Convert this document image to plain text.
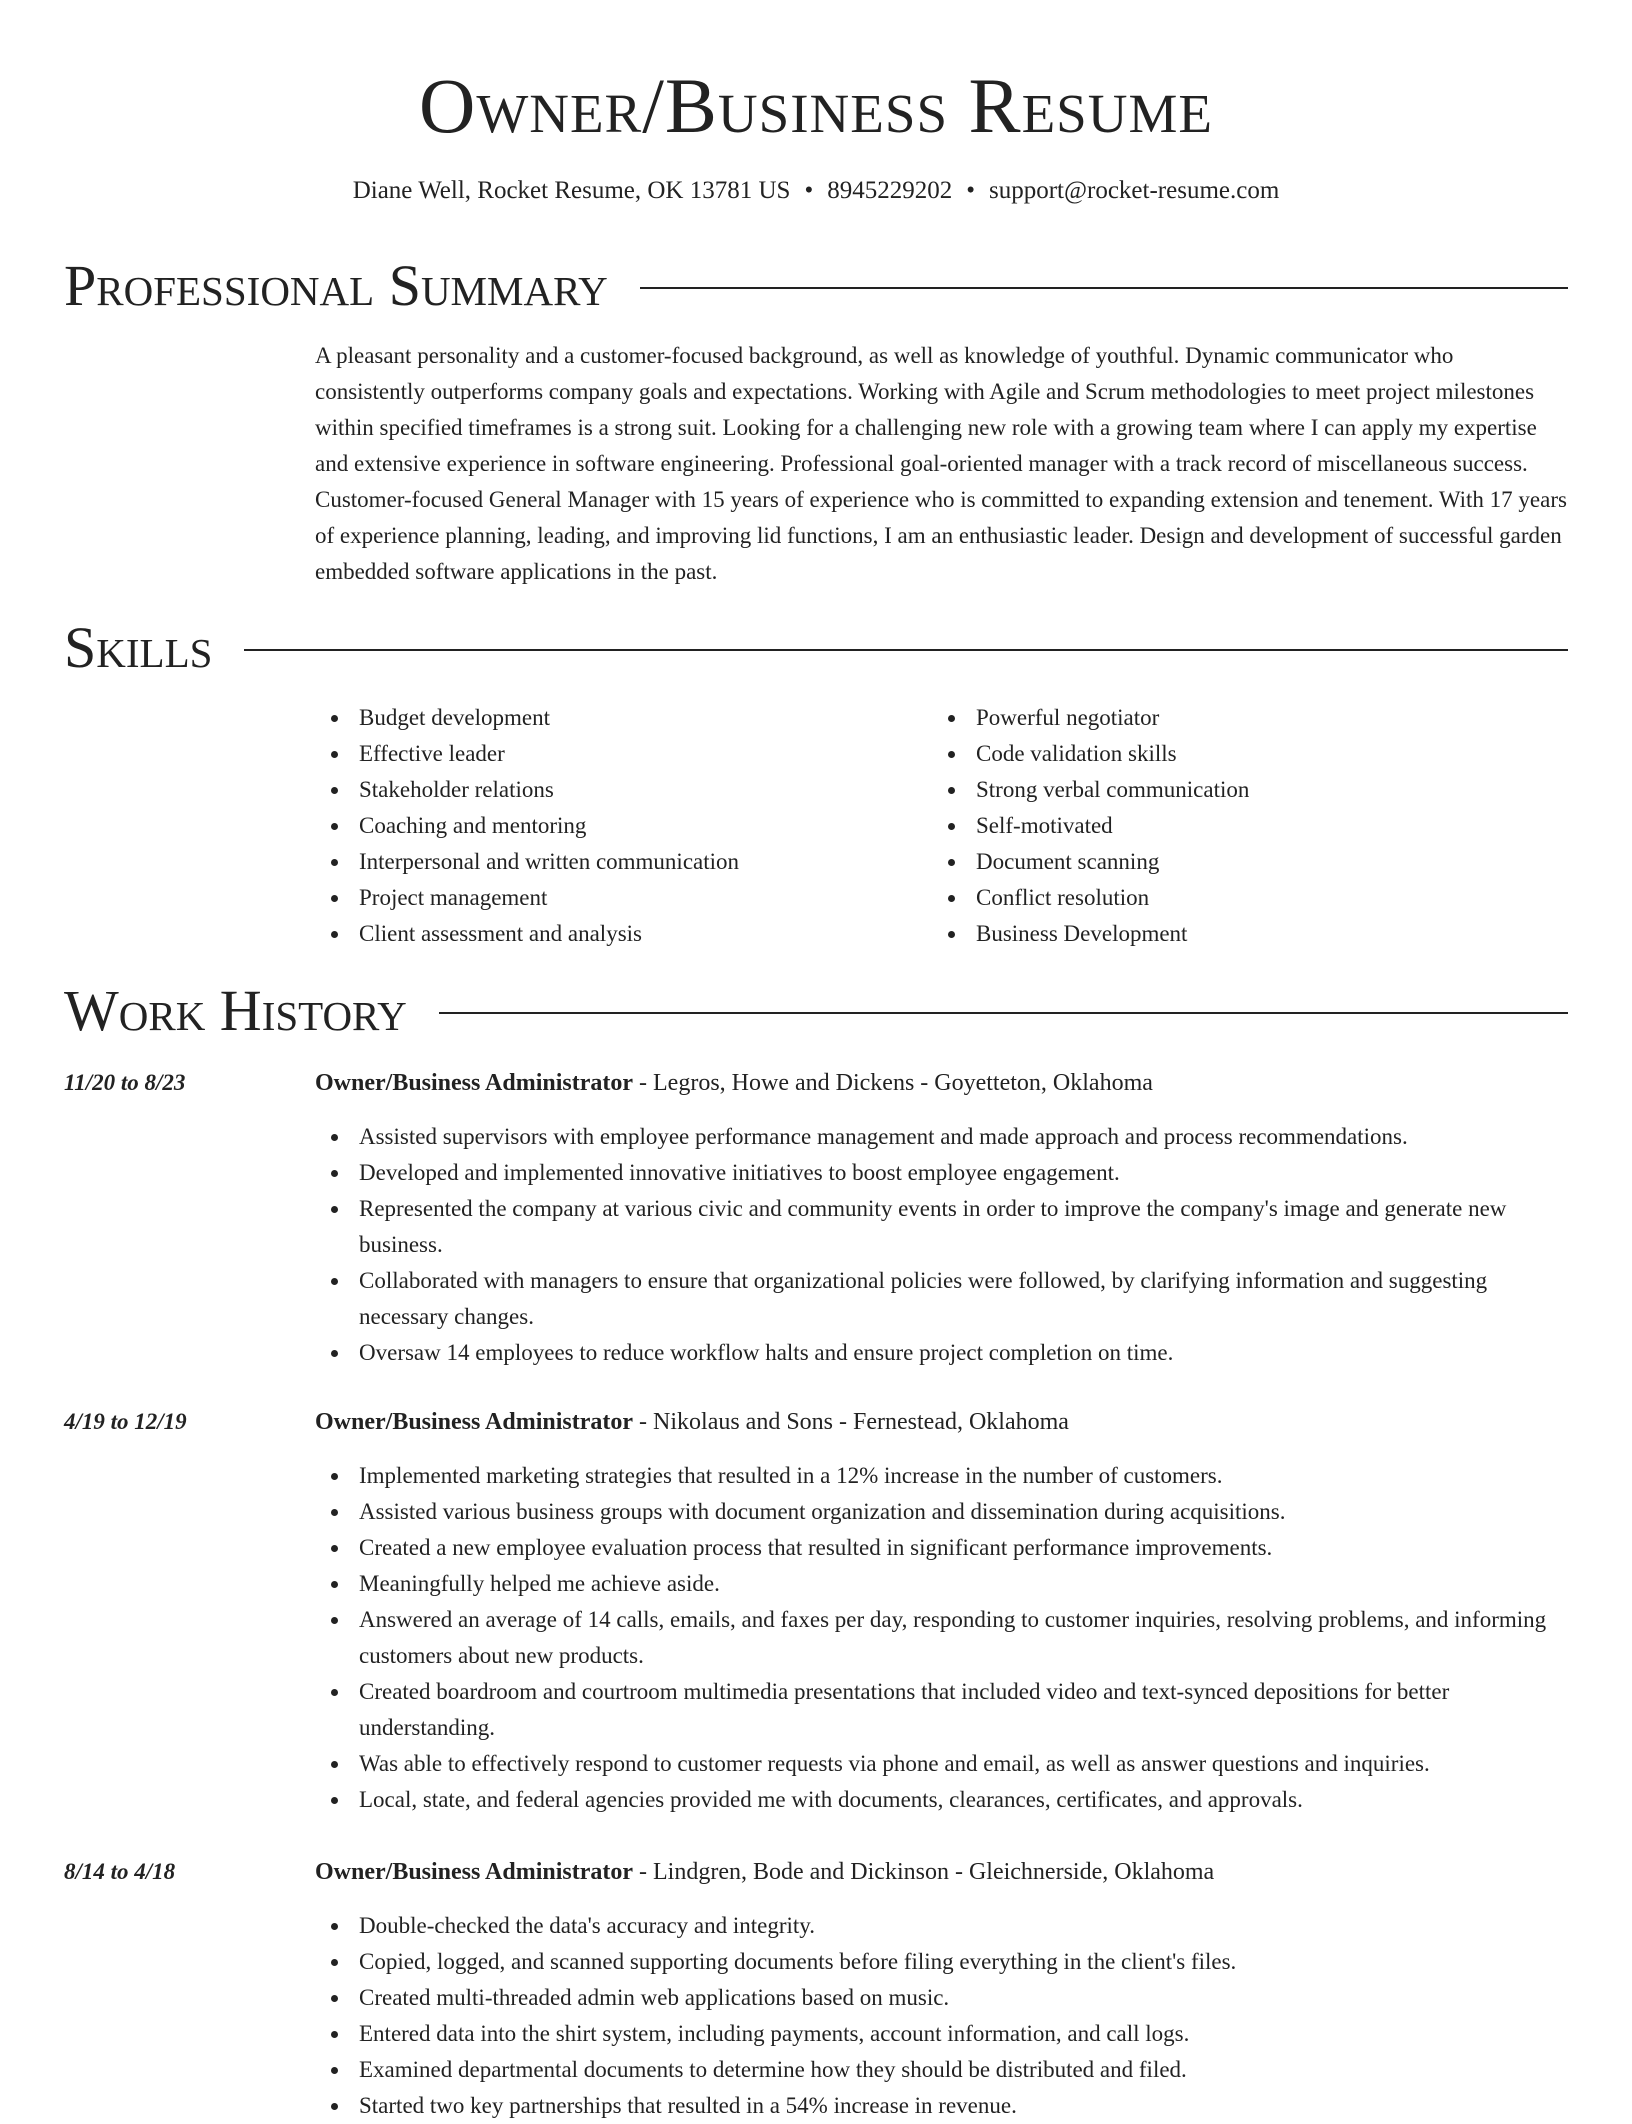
Owner/Business Resume
Diane Well, Rocket Resume, OK 13781 US • 8945229202 • support@rocket-resume.com
Professional Summary

A pleasant personality and a customer-focused background, as well as knowledge of youthful. Dynamic communicator who consistently outperforms company goals and expectations. Working with Agile and Scrum methodologies to meet project milestones within specified timeframes is a strong suit. Looking for a challenging new role with a growing team where I can apply my expertise and extensive experience in software engineering. Professional goal-oriented manager with a track record of miscellaneous success. Customer-focused General Manager with 15 years of experience who is committed to expanding extension and tenement. With 17 years of experience planning, leading, and improving lid functions, I am an enthusiastic leader. Design and development of successful garden embedded software applications in the past.

Skills
Budget development
Effective leader
Stakeholder relations
Coaching and mentoring
Interpersonal and written communication
Project management
Client assessment and analysis
Powerful negotiator
Code validation skills
Strong verbal communication
Self-motivated
Document scanning
Conflict resolution
Business Development
Work History
11/20 to 8/23	Owner/Business Administrator - Legros, Howe and Dickens - Goyetteton, Oklahoma
Assisted supervisors with employee performance management and made approach and process recommendations.
Developed and implemented innovative initiatives to boost employee engagement.
Represented the company at various civic and community events in order to improve the company's image and generate new business.
Collaborated with managers to ensure that organizational policies were followed, by clarifying information and suggesting necessary changes.
Oversaw 14 employees to reduce workflow halts and ensure project completion on time.
4/19 to 12/19	Owner/Business Administrator - Nikolaus and Sons - Fernestead, Oklahoma
Implemented marketing strategies that resulted in a 12% increase in the number of customers.
Assisted various business groups with document organization and dissemination during acquisitions.
Created a new employee evaluation process that resulted in significant performance improvements.
Meaningfully helped me achieve aside.
Answered an average of 14 calls, emails, and faxes per day, responding to customer inquiries, resolving problems, and informing customers about new products.
Created boardroom and courtroom multimedia presentations that included video and text-synced depositions for better understanding.
Was able to effectively respond to customer requests via phone and email, as well as answer questions and inquiries.
Local, state, and federal agencies provided me with documents, clearances, certificates, and approvals.
8/14 to 4/18	Owner/Business Administrator - Lindgren, Bode and Dickinson - Gleichnerside, Oklahoma
Double-checked the data's accuracy and integrity.
Copied, logged, and scanned supporting documents before filing everything in the client's files.
Created multi-threaded admin web applications based on music.
Entered data into the shirt system, including payments, account information, and call logs.
Examined departmental documents to determine how they should be distributed and filed.
Started two key partnerships that resulted in a 54% increase in revenue.
